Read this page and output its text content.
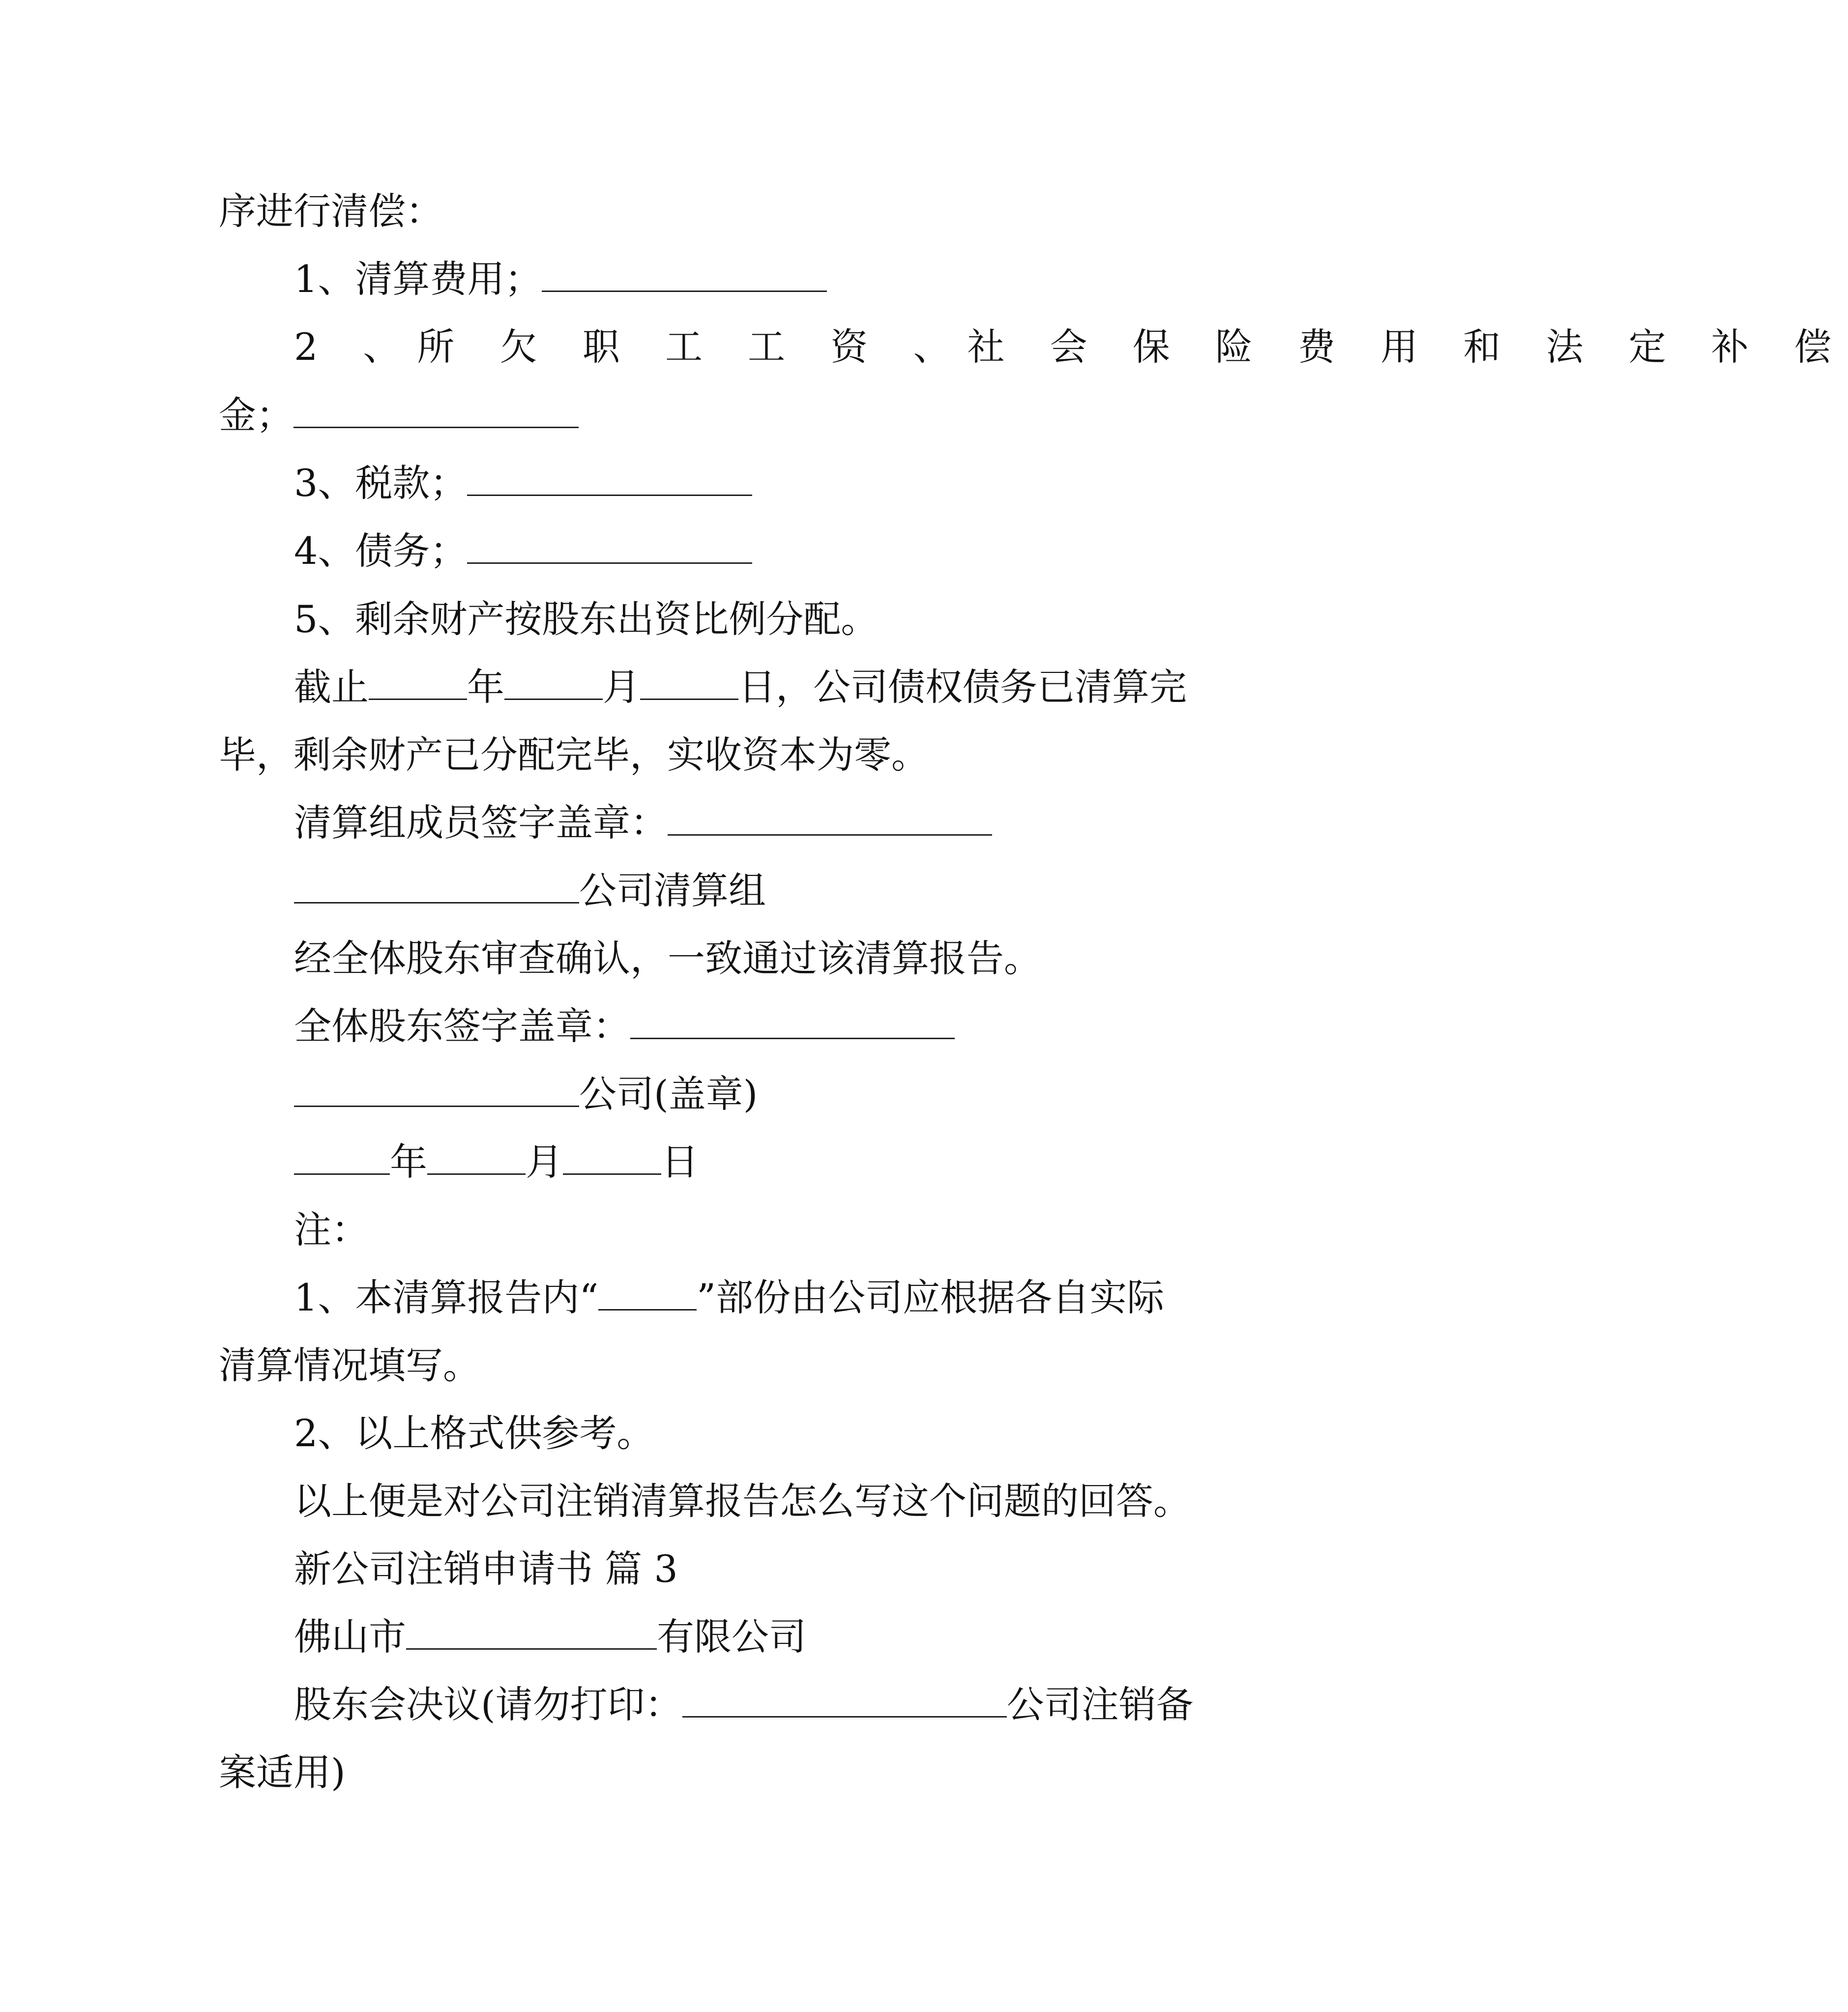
序进行清偿：
1、清算费用；
2 、所 欠 职 工 工 资 、社 会 保 险 费 用 和 法 定 补 偿
金；
3、税款；
4、债务；
5、剩余财产按股东出资比例分配。
截止	年	月	日，公司债权债务已清算完
毕，剩余财产已分配完毕，实收资本为零。
清算组成员签字盖章：
公司清算组
经全体股东审查确认，一致通过该清算报告。
全体股东签字盖章：
公司(盖章)
年	月	日
注：
1、本清算报告内“	”部份由公司应根据各自实际
清算情况填写。
2、以上格式供参考。
以上便是对公司注销清算报告怎么写这个问题的回答。
新公司注销申请书 篇 3
佛山市	有限公司
股东会决议(请勿打印：	公司注销备
案适用)
